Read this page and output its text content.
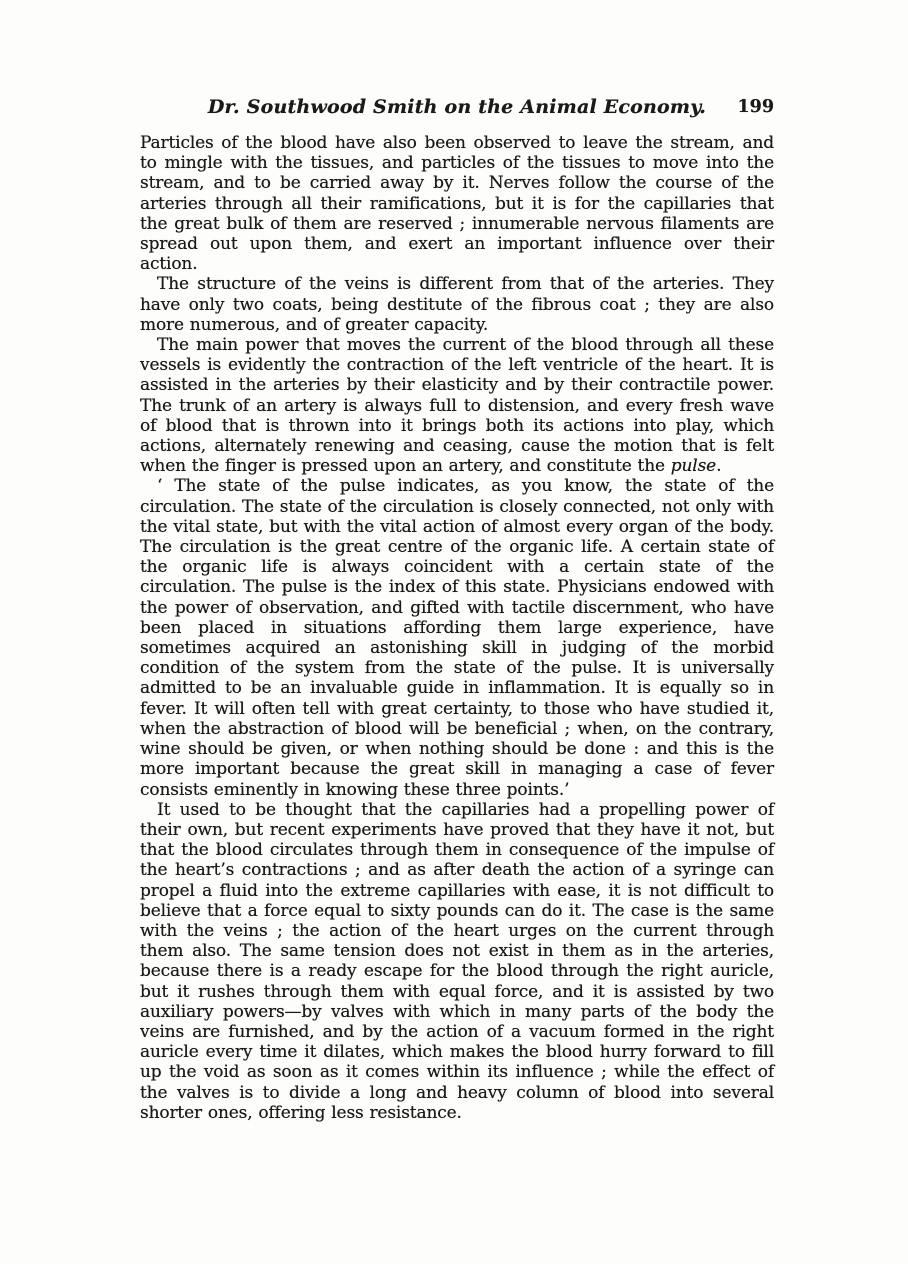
Dr. Southwood Smith on the Animal Economy.	199

Particles of the blood have also been observed to leave the stream, and to mingle with the tissues, and particles of the tissues to move into the stream, and to be carried away by it. Nerves follow the course of the arteries through all their ramifications, but it is for the capillaries that the great bulk of them are reserved ; innumerable nervous filaments are spread out upon them, and exert an important influence over their action.

The structure of the veins is different from that of the arteries. They have only two coats, being destitute of the fibrous coat ; they are also more numerous, and of greater capacity.

The main power that moves the current of the blood through all these vessels is evidently the contraction of the left ventricle of the heart. It is assisted in the arteries by their elasticity and by their contractile power. The trunk of an artery is always full to distension, and every fresh wave of blood that is thrown into it brings both its actions into play, which actions, alternately renewing and ceasing, cause the motion that is felt when the finger is pressed upon an artery, and constitute the pulse.

‘ The state of the pulse indicates, as you know, the state of the circulation. The state of the circulation is closely connected, not only with the vital state, but with the vital action of almost every organ of the body. The circulation is the great centre of the organic life. A certain state of the organic life is always coincident with a certain state of the circulation. The pulse is the index of this state. Physicians endowed with the power of observation, and gifted with tactile discernment, who have been placed in situations affording them large experience, have sometimes acquired an astonishing skill in judging of the morbid condition of the system from the state of the pulse. It is universally admitted to be an invaluable guide in inflammation. It is equally so in fever. It will often tell with great certainty, to those who have studied it, when the abstraction of blood will be beneficial ; when, on the contrary, wine should be given, or when nothing should be done : and this is the more important because the great skill in managing a case of fever consists eminently in knowing these three points.’

It used to be thought that the capillaries had a propelling power of their own, but recent experiments have proved that they have it not, but that the blood circulates through them in consequence of the impulse of the heart’s contractions ; and as after death the action of a syringe can propel a fluid into the extreme capillaries with ease, it is not difficult to believe that a force equal to sixty pounds can do it. The case is the same with the veins ; the action of the heart urges on the current through them also. The same tension does not exist in them as in the arteries, because there is a ready escape for the blood through the right auricle, but it rushes through them with equal force, and it is assisted by two auxiliary powers—by valves with which in many parts of the body the veins are furnished, and by the action of a vacuum formed in the right auricle every time it dilates, which makes the blood hurry forward to fill up the void as soon as it comes within its influence ; while the effect of the valves is to divide a long and heavy column of blood into several shorter ones, offering less resistance.
